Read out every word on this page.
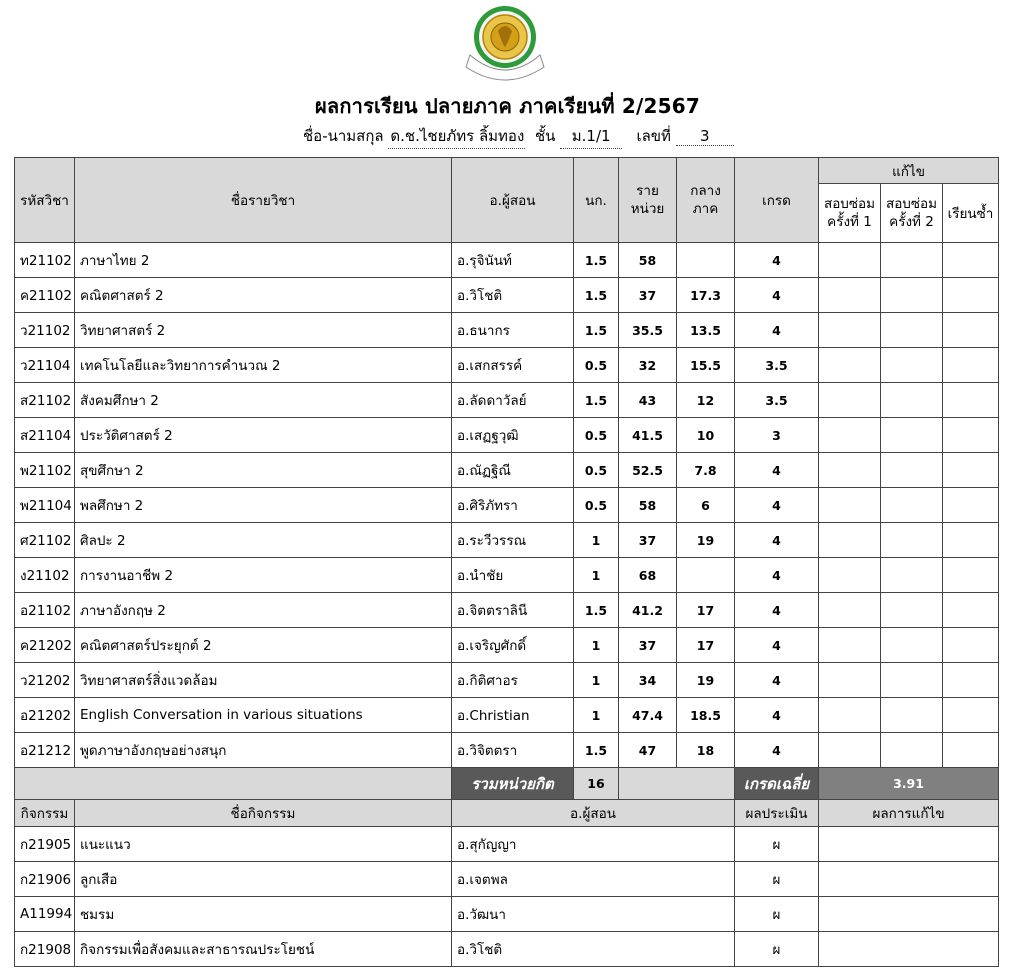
ผลการเรียน ปลายภาค ภาคเรียนที่ 2/2567
ชื่อ-นามสกุล ด.ช.ไชยภัทร ลิ้มทอง ชั้น ม.1/1 เลขที่ 3
รหัสวิชา	ชื่อรายวิชา	อ.ผู้สอน	นก.	ราย หน่วย	กลาง ภาค	เกรด	แก้ไข		
							สอบซ่อม ครั้งที่ 1	สอบซ่อม ครั้งที่ 2	เรียนซ้ำ
ท21102	ภาษาไทย 2	อ.รุจินันท์	1.5	58		4			
ค21102	คณิตศาสตร์ 2	อ.วิโชติ	1.5	37	17.3	4			
ว21102	วิทยาศาสตร์ 2	อ.ธนากร	1.5	35.5	13.5	4			
ว21104	เทคโนโลยีและวิทยาการคำนวณ 2	อ.เสกสรรค์	0.5	32	15.5	3.5			
ส21102	สังคมศึกษา 2	อ.ลัดดาวัลย์	1.5	43	12	3.5			
ส21104	ประวัติศาสตร์ 2	อ.เสฏฐวุฒิ	0.5	41.5	10	3			
พ21102	สุขศึกษา 2	อ.ณัฏฐิณี	0.5	52.5	7.8	4			
พ21104	พลศึกษา 2	อ.ศิริภัทรา	0.5	58	6	4			
ศ21102	ศิลปะ 2	อ.ระวีวรรณ	1	37	19	4			
ง21102	การงานอาชีพ 2	อ.นำชัย	1	68		4			
อ21102	ภาษาอังกฤษ 2	อ.จิตตราลินี	1.5	41.2	17	4			
ค21202	คณิตศาสตร์ประยุกต์ 2	อ.เจริญศักดิ์	1	37	17	4			
ว21202	วิทยาศาสตร์สิ่งแวดล้อม	อ.กิติศาอร	1	34	19	4			
อ21202	English Conversation in various situations	อ.Christian	1	47.4	18.5	4			
อ21212	พูดภาษาอังกฤษอย่างสนุก	อ.วิจิตตรา	1.5	47	18	4			
		รวมหน่วยกิต	16			เกรดเฉลี่ย	3.91		
กิจกรรม	ชื่อกิจกรรม	อ.ผู้สอน				ผลประเมิน	ผลการแก้ไข		
ก21905	แนะแนว	อ.สุกัญญา				ผ			
ก21906	ลูกเสือ	อ.เจตพล				ผ			
A11994	ชมรม	อ.วัฒนา				ผ			
ก21908	กิจกรรมเพื่อสังคมและสาธารณประโยชน์	อ.วิโชติ				ผ			
